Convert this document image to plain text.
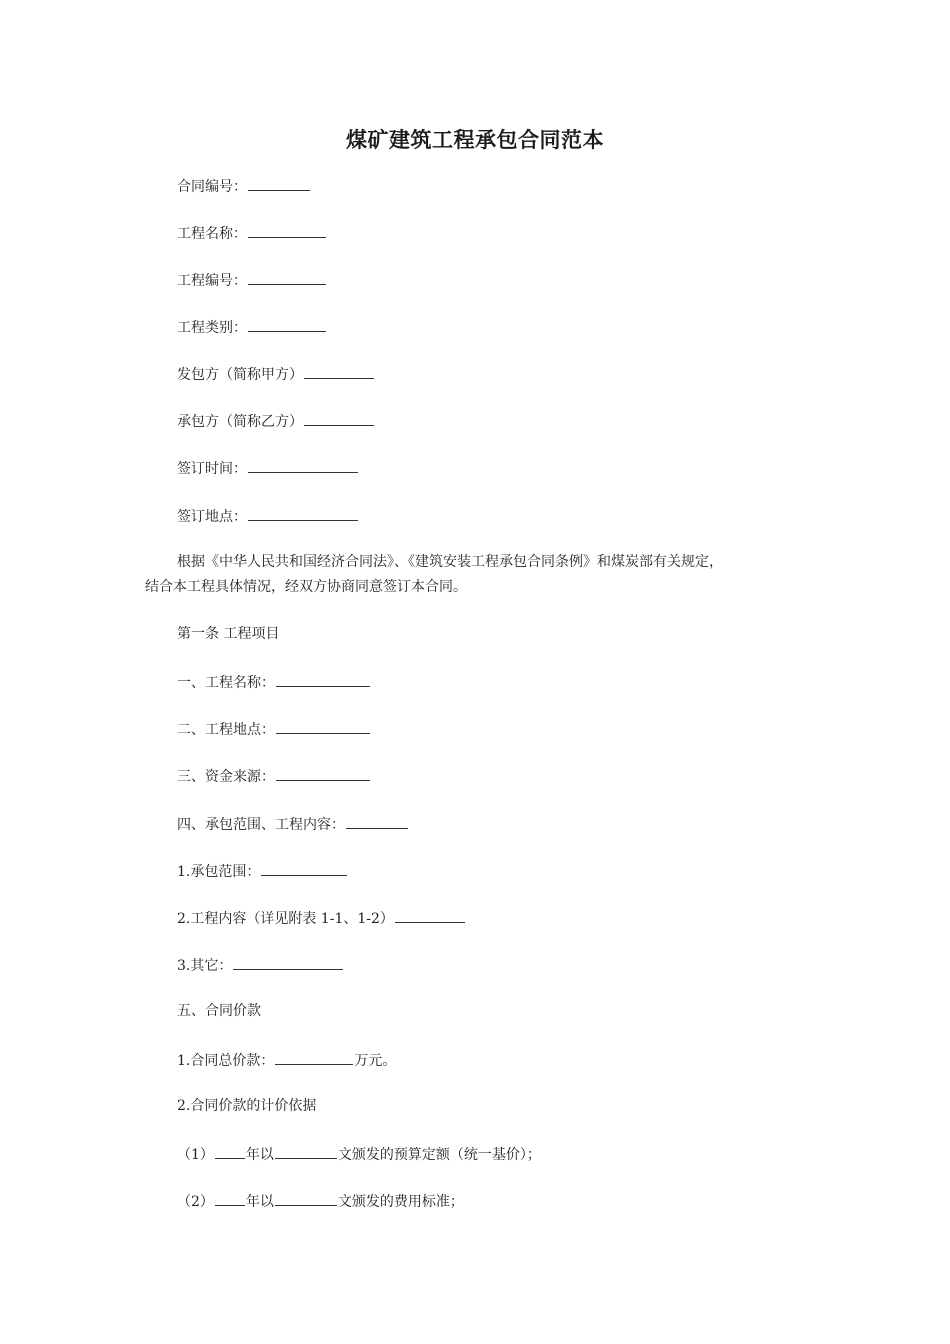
煤矿建筑工程承包合同范本
合同编号：
工程名称：
工程编号：
工程类别：
发包方（简称甲方）
承包方（简称乙方）
签订时间：
签订地点：
根据《中华人民共和国经济合同法》、《建筑安装工程承包合同条例》和煤炭部有关规定，
结合本工程具体情况，经双方协商同意签订本合同。
第一条 工程项目
一、工程名称：
二、工程地点：
三、资金来源：
四、承包范围、工程内容：
1.承包范围：
2.工程内容（详见附表 1-1、1-2）
3.其它：
五、合同价款
1.合同总价款：	万元。
2.合同价款的计价依据
（1） 年以	文颁发的预算定额（统一基价）；
（2） 年以	文颁发的费用标准；
